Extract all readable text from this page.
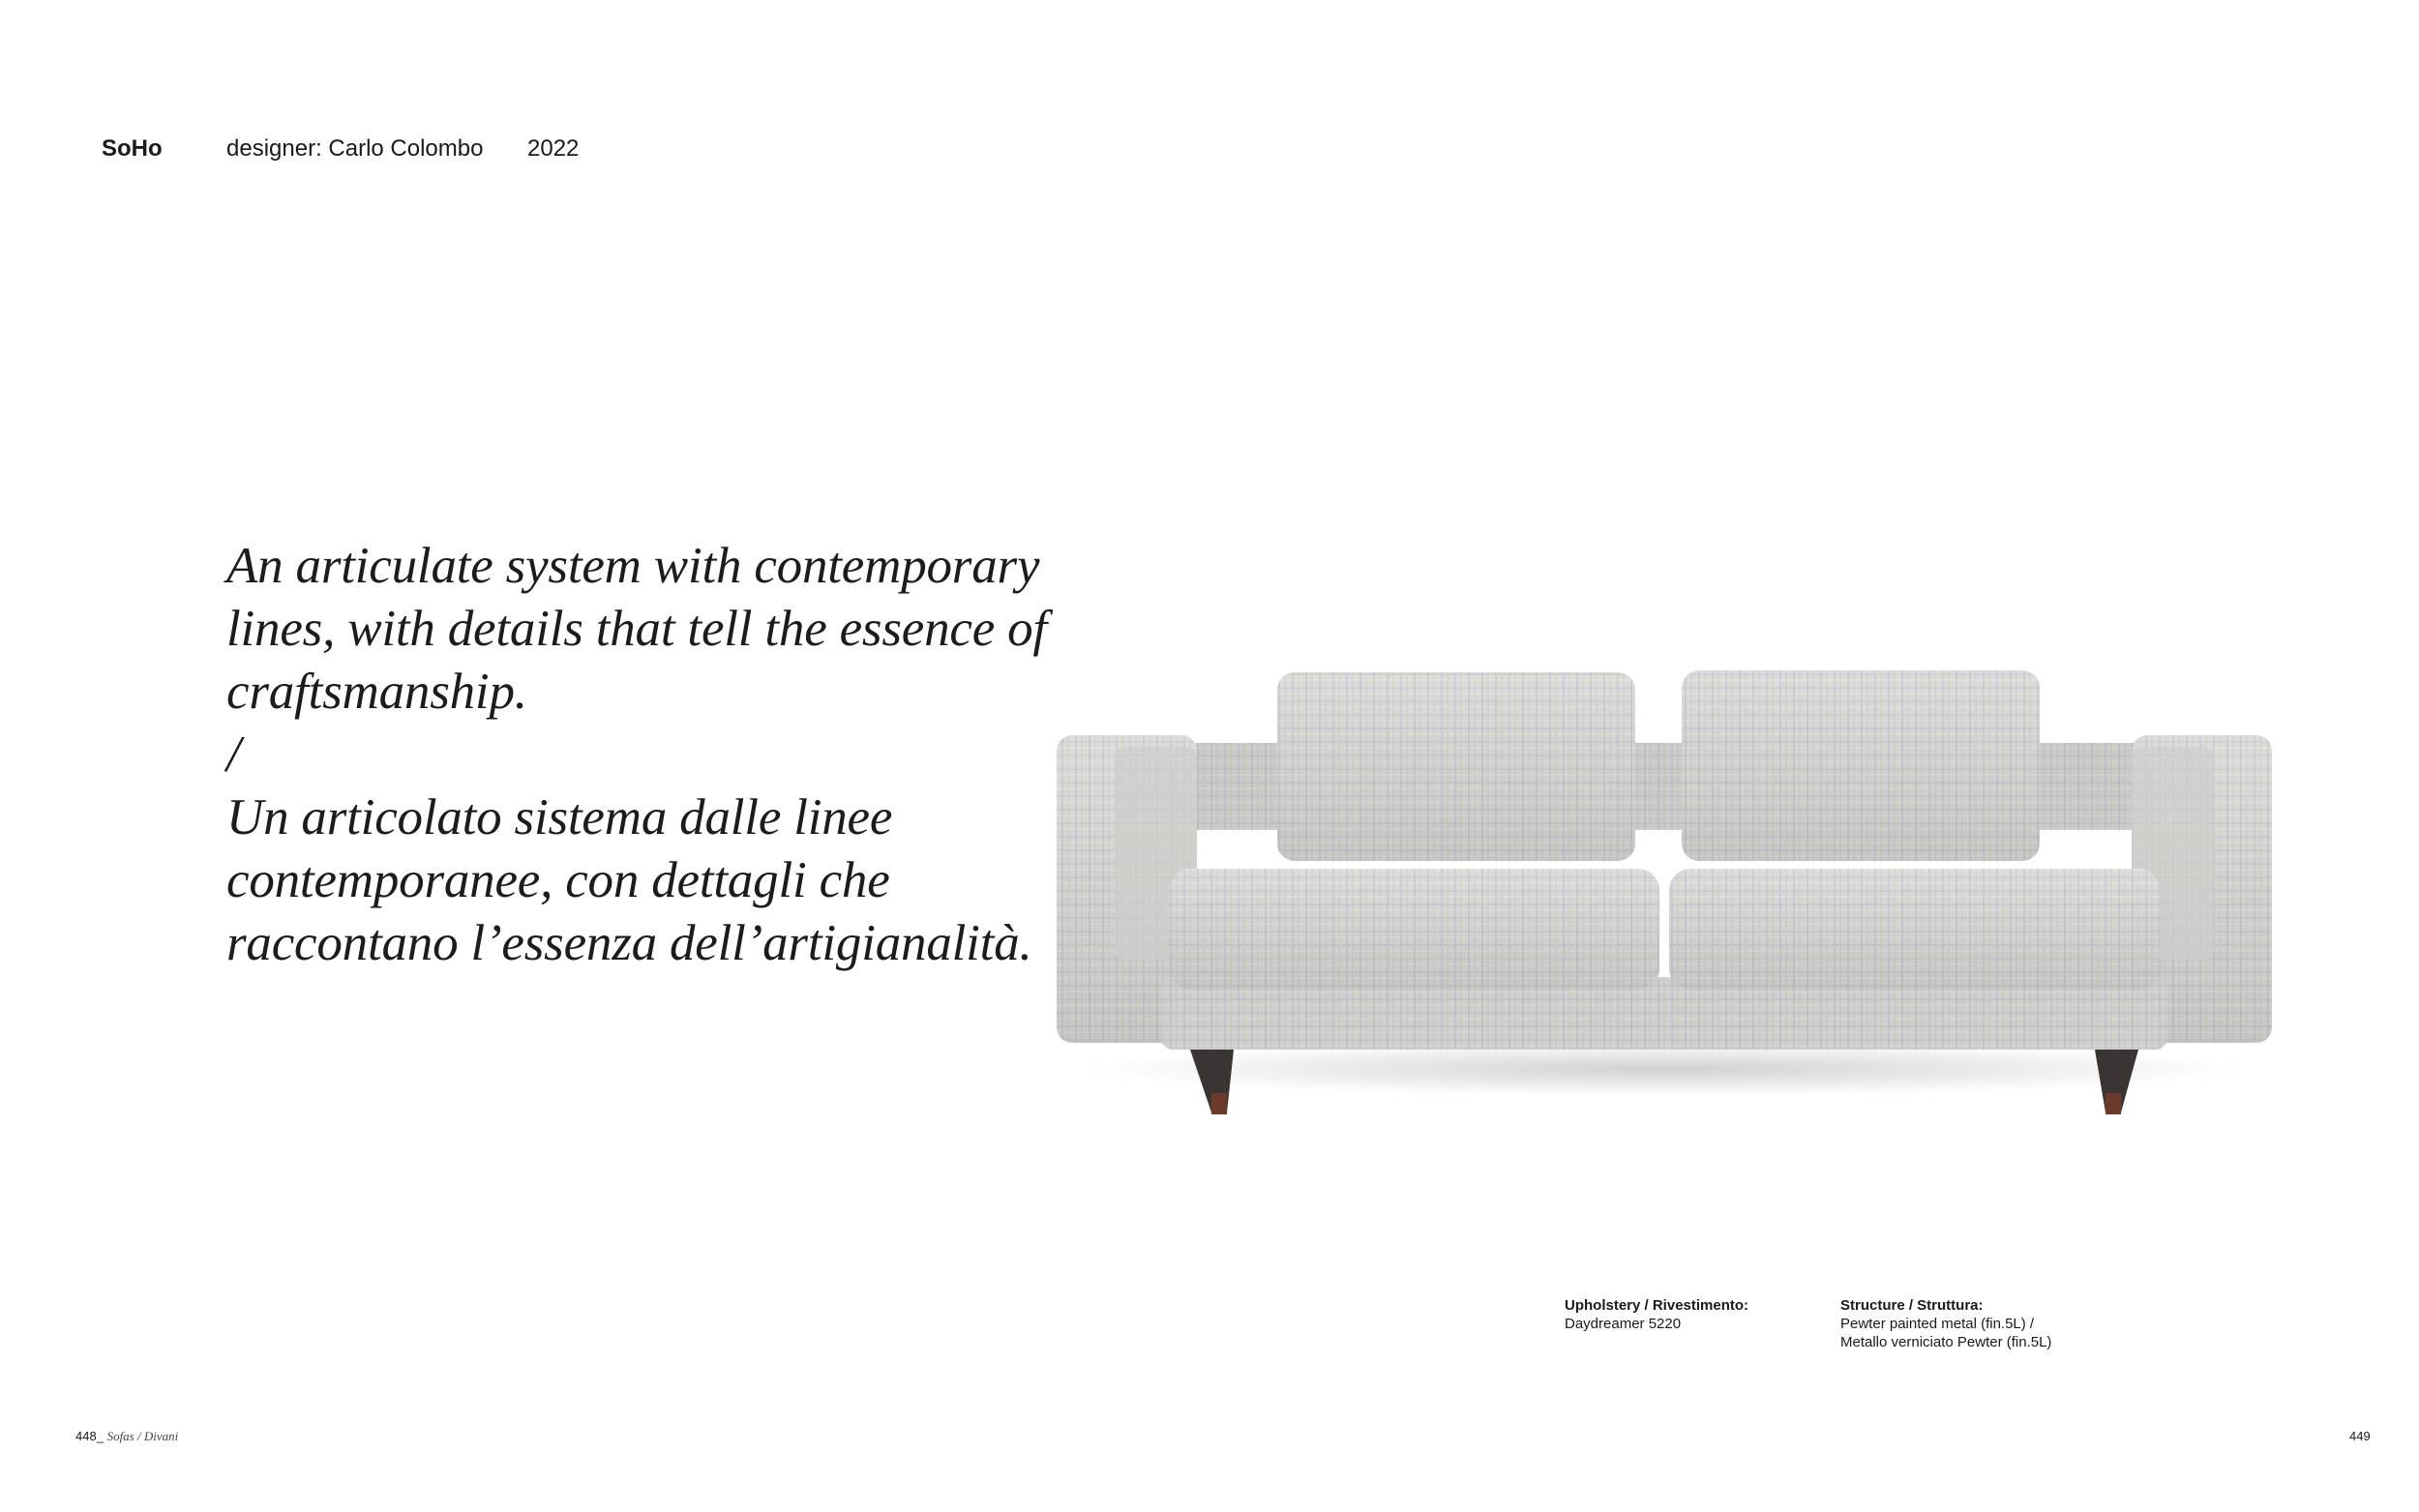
SoHo	designer: Carlo Colombo 2022
An articulate system with contemporary
lines, with details that tell the essence of
craftsmanship.
/
Un articolato sistema dalle linee
contemporanee, con dettagli che
raccontano l’essenza dell’artigianalità.
Upholstery / Rivestimento:
Daydreamer 5220
Structure / Struttura:
Pewter painted metal (fin.5L) /
Metallo verniciato Pewter (fin.5L)
448_ Sofas / Divani	449
